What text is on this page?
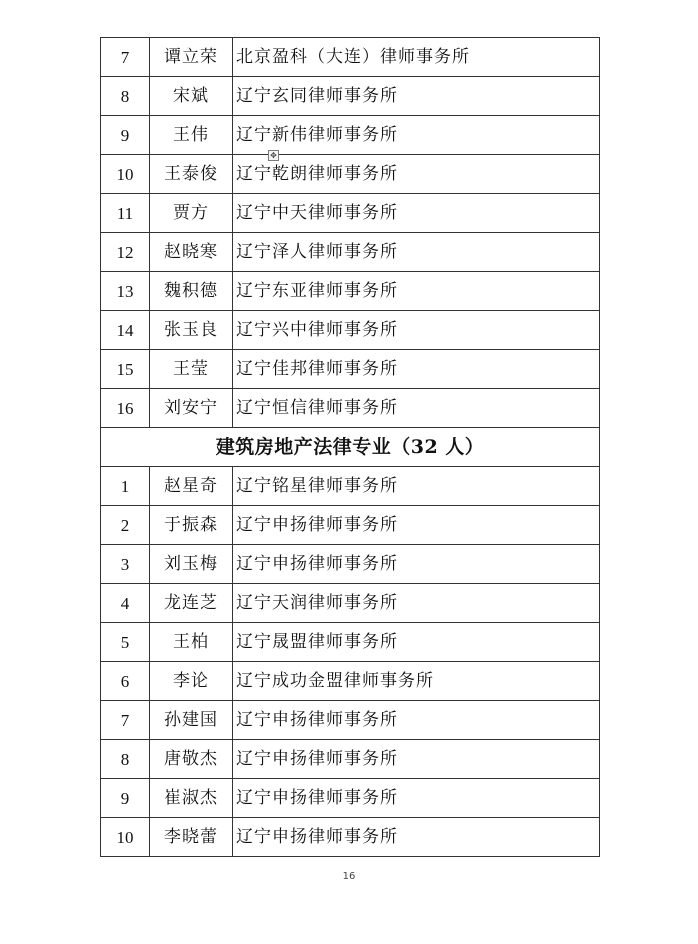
7	谭立荣	北京盈科（大连）律师事务所
8	宋斌	辽宁玄同律师事务所
9	王伟	辽宁新伟律师事务所
10	王泰俊	辽宁乾朗律师事务所
11	贾方	辽宁中天律师事务所
12	赵晓寒	辽宁泽人律师事务所
13	魏积德	辽宁东亚律师事务所
14	张玉良	辽宁兴中律师事务所
15	王莹	辽宁佳邦律师事务所
16	刘安宁	辽宁恒信律师事务所
建筑房地产法律专业（32 人）		
1	赵星奇	辽宁铭星律师事务所
2	于振森	辽宁申扬律师事务所
3	刘玉梅	辽宁申扬律师事务所
4	龙连芝	辽宁天润律师事务所
5	王柏	辽宁晟盟律师事务所
6	李论	辽宁成功金盟律师事务所
7	孙建国	辽宁申扬律师事务所
8	唐敬杰	辽宁申扬律师事务所
9	崔淑杰	辽宁申扬律师事务所
10	李晓蕾	辽宁申扬律师事务所
✥
16
